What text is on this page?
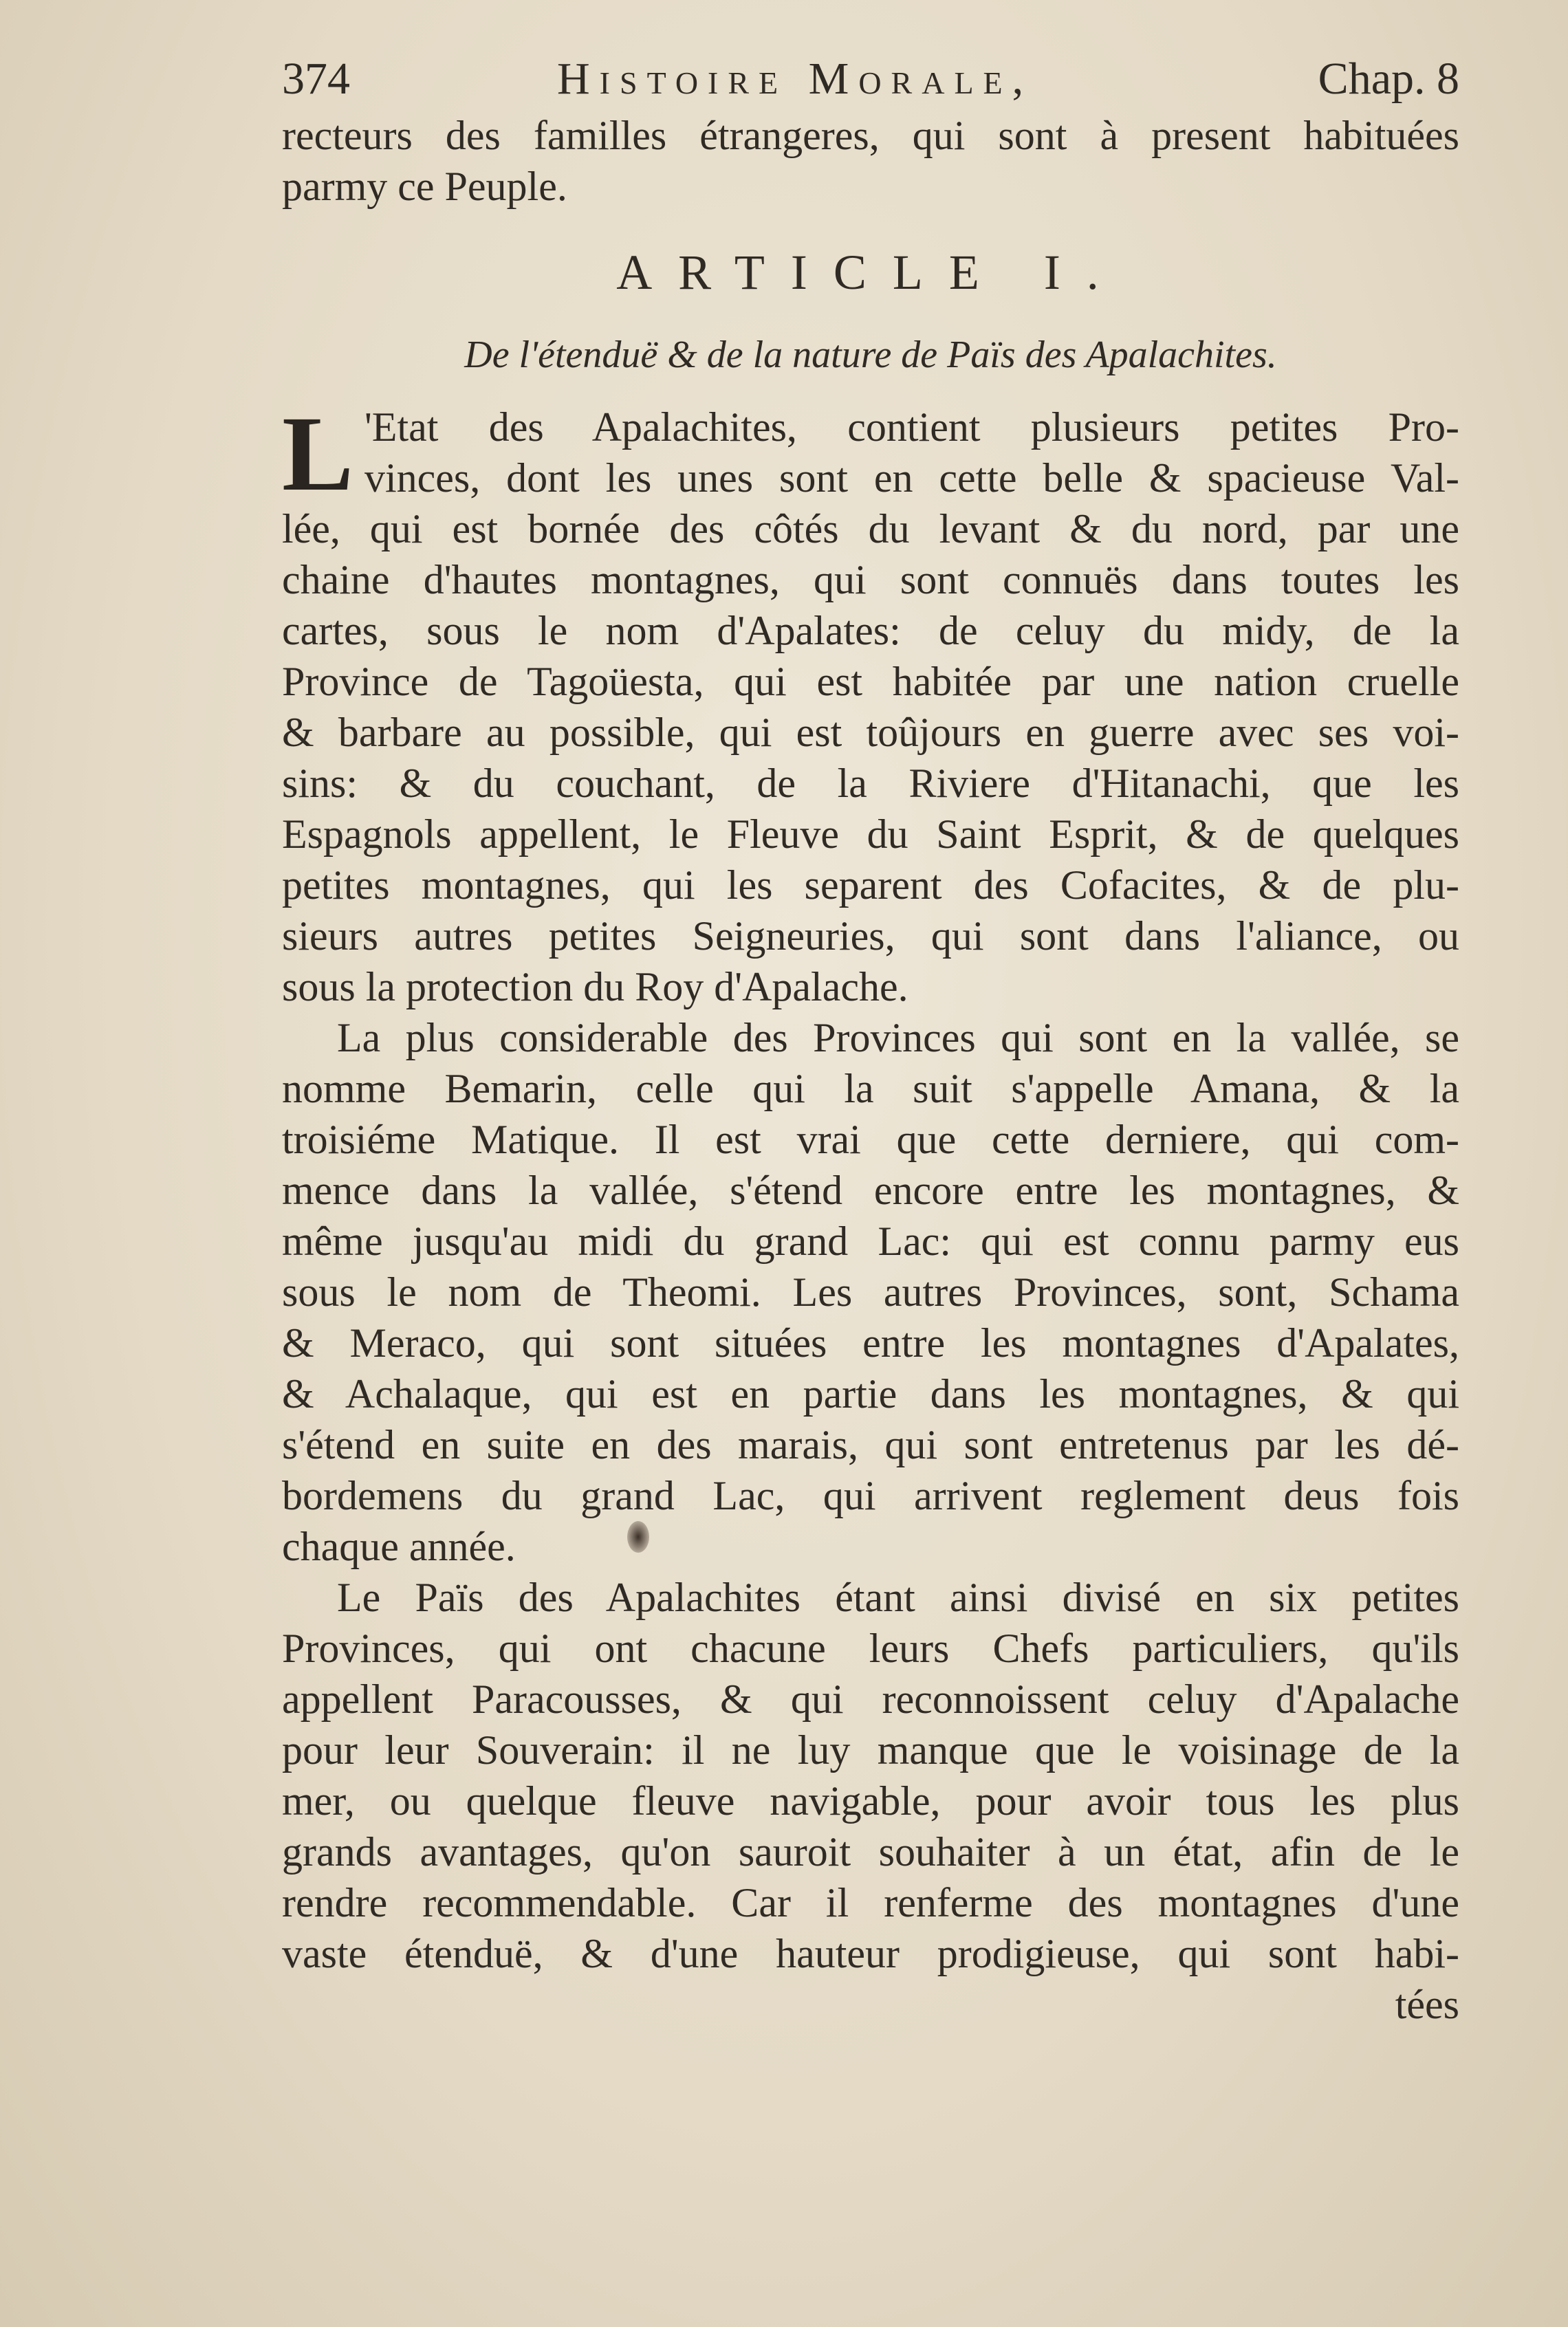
374	Histoire Morale,	Chap. 8
recteurs des familles étrangeres, qui sont à present habituées
parmy ce Peuple.
ARTICLE I.
De l'étenduë & de la nature de Païs des Apalachites.
L 'Etat des Apalachites, contient plusieurs petites Pro-
vinces, dont les unes sont en cette belle & spacieuse Val-
lée, qui est bornée des côtés du levant & du nord, par une
chaine d'hautes montagnes, qui sont connuës dans toutes les
cartes, sous le nom d'Apalates: de celuy du midy, de la
Province de Tagoüesta, qui est habitée par une nation cruelle
& barbare au possible, qui est toûjours en guerre avec ses voi-
sins: & du couchant, de la Riviere d'Hitanachi, que les
Espagnols appellent, le Fleuve du Saint Esprit, & de quelques
petites montagnes, qui les separent des Cofacites, & de plu-
sieurs autres petites Seigneuries, qui sont dans l'aliance, ou
sous la protection du Roy d'Apalache.
La plus considerable des Provinces qui sont en la vallée, se
nomme Bemarin, celle qui la suit s'appelle Amana, & la
troisiéme Matique. Il est vrai que cette derniere, qui com-
mence dans la vallée, s'étend encore entre les montagnes, &
même jusqu'au midi du grand Lac: qui est connu parmy eus
sous le nom de Theomi. Les autres Provinces, sont, Schama
& Meraco, qui sont situées entre les montagnes d'Apalates,
& Achalaque, qui est en partie dans les montagnes, & qui
s'étend en suite en des marais, qui sont entretenus par les dé-
bordemens du grand Lac, qui arrivent reglement deus fois
chaque année.
Le Païs des Apalachites étant ainsi divisé en six petites
Provinces, qui ont chacune leurs Chefs particuliers, qu'ils
appellent Paracousses, & qui reconnoissent celuy d'Apalache
pour leur Souverain: il ne luy manque que le voisinage de la
mer, ou quelque fleuve navigable, pour avoir tous les plus
grands avantages, qu'on sauroit souhaiter à un état, afin de le
rendre recommendable. Car il renferme des montagnes d'une
vaste étenduë, & d'une hauteur prodigieuse, qui sont habi-
tées
